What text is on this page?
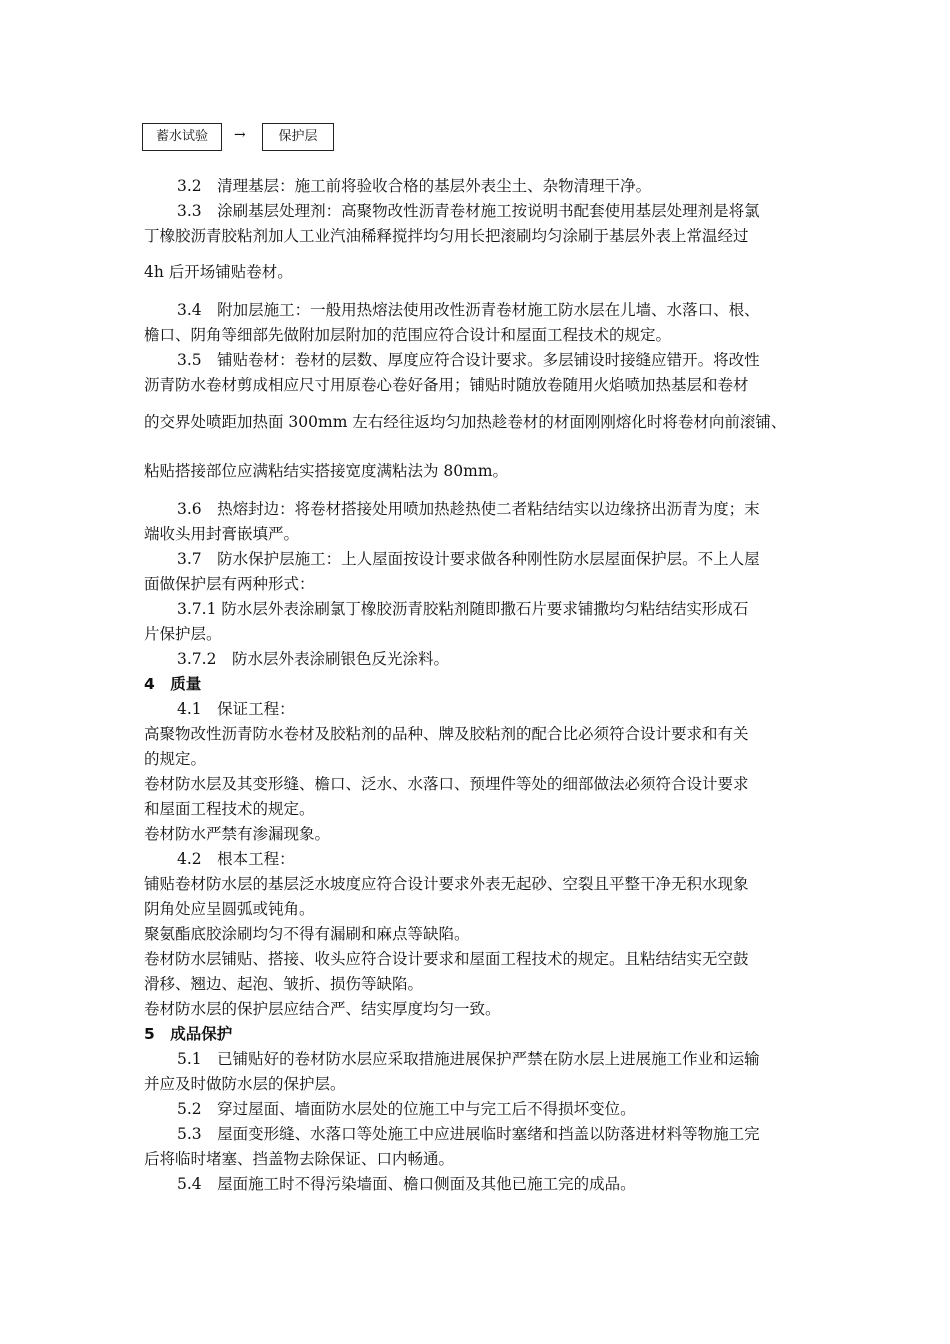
蓄水试验	→	保护层
3.2　清理基层：施工前将验收合格的基层外表尘土、杂物清理干净。
3.3　涂刷基层处理剂：高聚物改性沥青卷材施工按说明书配套使用基层处理剂是将氯
丁橡胶沥青胶粘剂加人工业汽油稀释搅拌均匀用长把滚刷均匀涂刷于基层外表上常温经过
4h 后开场铺贴卷材。
3.4　附加层施工：一般用热熔法使用改性沥青卷材施工防水层在儿墙、水落口、根、
檐口、阴角等细部先做附加层附加的范围应符合设计和屋面工程技术的规定。
3.5　铺贴卷材：卷材的层数、厚度应符合设计要求。多层铺设时接缝应错开。将改性
沥青防水卷材剪成相应尺寸用原卷心卷好备用；铺贴时随放卷随用火焰喷加热基层和卷材
的交界处喷距加热面 300mm 左右经往返均匀加热趁卷材的材面刚刚熔化时将卷材向前滚铺、
粘贴搭接部位应满粘结实搭接宽度满粘法为 80mm。
3.6　热熔封边：将卷材搭接处用喷加热趁热使二者粘结结实以边缘挤出沥青为度；末
端收头用封膏嵌填严。
3.7　防水保护层施工：上人屋面按设计要求做各种刚性防水层屋面保护层。不上人屋
面做保护层有两种形式：
3.7.1 防水层外表涂刷氯丁橡胶沥青胶粘剂随即撒石片要求铺撒均匀粘结结实形成石
片保护层。
3.7.2　防水层外表涂刷银色反光涂料。
4　质量
4.1　保证工程：
高聚物改性沥青防水卷材及胶粘剂的品种、牌及胶粘剂的配合比必须符合设计要求和有关
的规定。
卷材防水层及其变形缝、檐口、泛水、水落口、预埋件等处的细部做法必须符合设计要求
和屋面工程技术的规定。
卷材防水严禁有渗漏现象。
4.2　根本工程：
铺贴卷材防水层的基层泛水坡度应符合设计要求外表无起砂、空裂且平整干净无积水现象
阴角处应呈圆弧或钝角。
聚氨酯底胶涂刷均匀不得有漏刷和麻点等缺陷。
卷材防水层铺贴、搭接、收头应符合设计要求和屋面工程技术的规定。且粘结结实无空鼓
滑移、翘边、起泡、皱折、损伤等缺陷。
卷材防水层的保护层应结合严、结实厚度均匀一致。
5　成品保护
5.1　已铺贴好的卷材防水层应采取措施进展保护严禁在防水层上进展施工作业和运输
并应及时做防水层的保护层。
5.2　穿过屋面、墙面防水层处的位施工中与完工后不得损坏变位。
5.3　屋面变形缝、水落口等处施工中应进展临时塞绪和挡盖以防落进材料等物施工完
后将临时堵塞、挡盖物去除保证、口内畅通。
5.4　屋面施工时不得污染墙面、檐口侧面及其他已施工完的成品。
